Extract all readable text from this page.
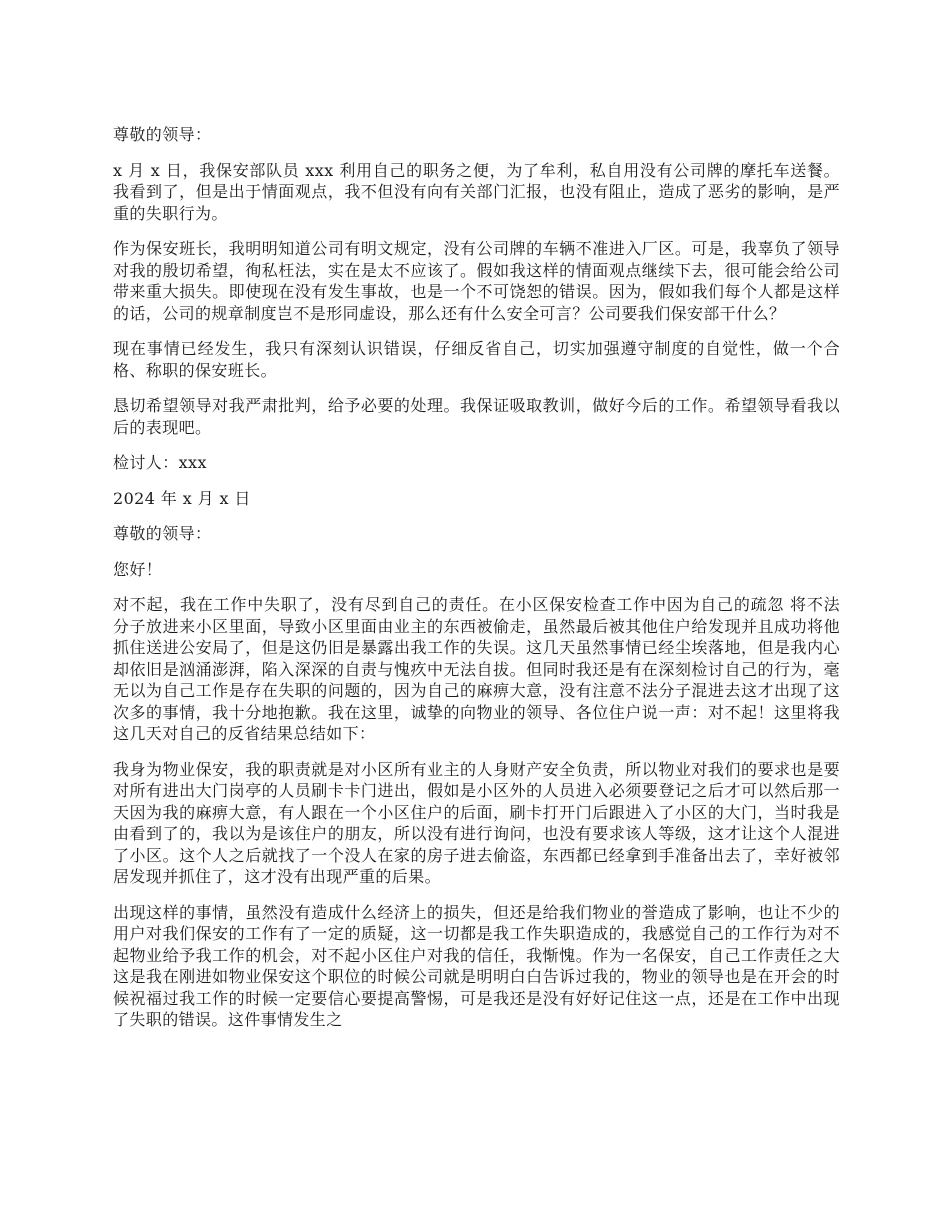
尊敬的领导：

x 月 x 日，我保安部队员 xxx 利用自己的职务之便，为了牟利，私自用没有公司牌的摩托车送餐。我看到了，但是出于情面观点，我不但没有向有关部门汇报，也没有阻止，造成了恶劣的影响，是严重的失职行为。

作为保安班长，我明明知道公司有明文规定，没有公司牌的车辆不准进入厂区。可是，我辜负了领导对我的殷切希望，徇私枉法，实在是太不应该了。假如我这样的情面观点继续下去，很可能会给公司带来重大损失。即使现在没有发生事故，也是一个不可饶恕的错误。因为，假如我们每个人都是这样的话，公司的规章制度岂不是形同虚设，那么还有什么安全可言？公司要我们保安部干什么？

现在事情已经发生，我只有深刻认识错误，仔细反省自己，切实加强遵守制度的自觉性，做一个合格、称职的保安班长。

恳切希望领导对我严肃批判，给予必要的处理。我保证吸取教训，做好今后的工作。希望领导看我以后的表现吧。

检讨人：xxx

2024 年 x 月 x 日

尊敬的领导：

您好！

对不起，我在工作中失职了，没有尽到自己的责任。在小区保安检查工作中因为自己的疏忽 将不法分子放进来小区里面，导致小区里面由业主的东西被偷走，虽然最后被其他住户给发现并且成功将他抓住送进公安局了，但是这仍旧是暴露出我工作的失误。这几天虽然事情已经尘埃落地，但是我内心却依旧是汹涌澎湃，陷入深深的自责与愧疚中无法自拔。但同时我还是有在深刻检讨自己的行为，毫无以为自己工作是存在失职的问题的，因为自己的麻痹大意，没有注意不法分子混进去这才出现了这次多的事情，我十分地抱歉。我在这里，诚挚的向物业的领导、各位住户说一声：对不起！这里将我这几天对自己的反省结果总结如下：

我身为物业保安，我的职责就是对小区所有业主的人身财产安全负责，所以物业对我们的要求也是要对所有进出大门岗亭的人员刷卡卡门进出，假如是小区外的人员进入必须要登记之后才可以然后那一天因为我的麻痹大意，有人跟在一个小区住户的后面，刷卡打开门后跟进入了小区的大门，当时我是由看到了的，我以为是该住户的朋友，所以没有进行询问，也没有要求该人等级，这才让这个人混进了小区。这个人之后就找了一个没人在家的房子进去偷盗，东西都已经拿到手准备出去了，幸好被邻居发现并抓住了，这才没有出现严重的后果。

出现这样的事情，虽然没有造成什么经济上的损失，但还是给我们物业的誉造成了影响，也让不少的用户对我们保安的工作有了一定的质疑，这一切都是我工作失职造成的，我感觉自己的工作行为对不起物业给予我工作的机会，对不起小区住户对我的信任，我惭愧。作为一名保安，自己工作责任之大这是我在刚进如物业保安这个职位的时候公司就是明明白白告诉过我的，物业的领导也是在开会的时候祝福过我工作的时候一定要信心要提高警惕，可是我还是没有好好记住这一点，还是在工作中出现了失职的错误。这件事情发生之
